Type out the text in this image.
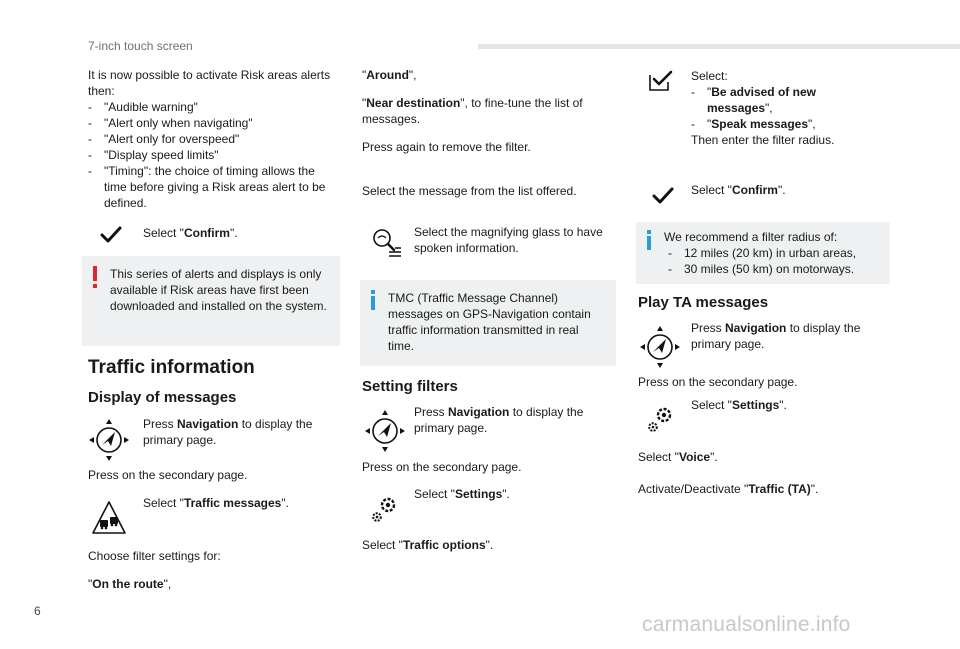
7-inch touch screen

It is now possible to activate Risk areas alerts then:

- "Audible warning"
- "Alert only when navigating"
- "Alert only for overspeed"
- "Display speed limits"
- "Timing": the choice of timing allows the time before giving a Risk areas alert to be defined.
Select "Confirm".
This series of alerts and displays is only available if Risk areas have first been downloaded and installed on the system.
Traffic information
Display of messages
Press Navigation to display the primary page.
Press on the secondary page.
Select "Traffic messages".
Choose filter settings for:
"On the route",
"Around",
"Near destination", to fine-tune the list of messages.
Press again to remove the filter.
Select the message from the list offered.
Select the magnifying glass to have spoken information.
TMC (Traffic Message Channel) messages on GPS-Navigation contain traffic information transmitted in real time.
Setting filters
Press Navigation to display the primary page.
Press on the secondary page.
Select "Settings".
Select "Traffic options".
Select:
- "Be advised of new messages",
- "Speak messages",
Then enter the filter radius.
Select "Confirm".
We recommend a filter radius of:
- 12 miles (20 km) in urban areas,
- 30 miles (50 km) on motorways.
Play TA messages
Press Navigation to display the primary page.
Press on the secondary page.
Select "Settings".
Select "Voice".
Activate/Deactivate "Traffic (TA)".
6
carmanualsonline.info
